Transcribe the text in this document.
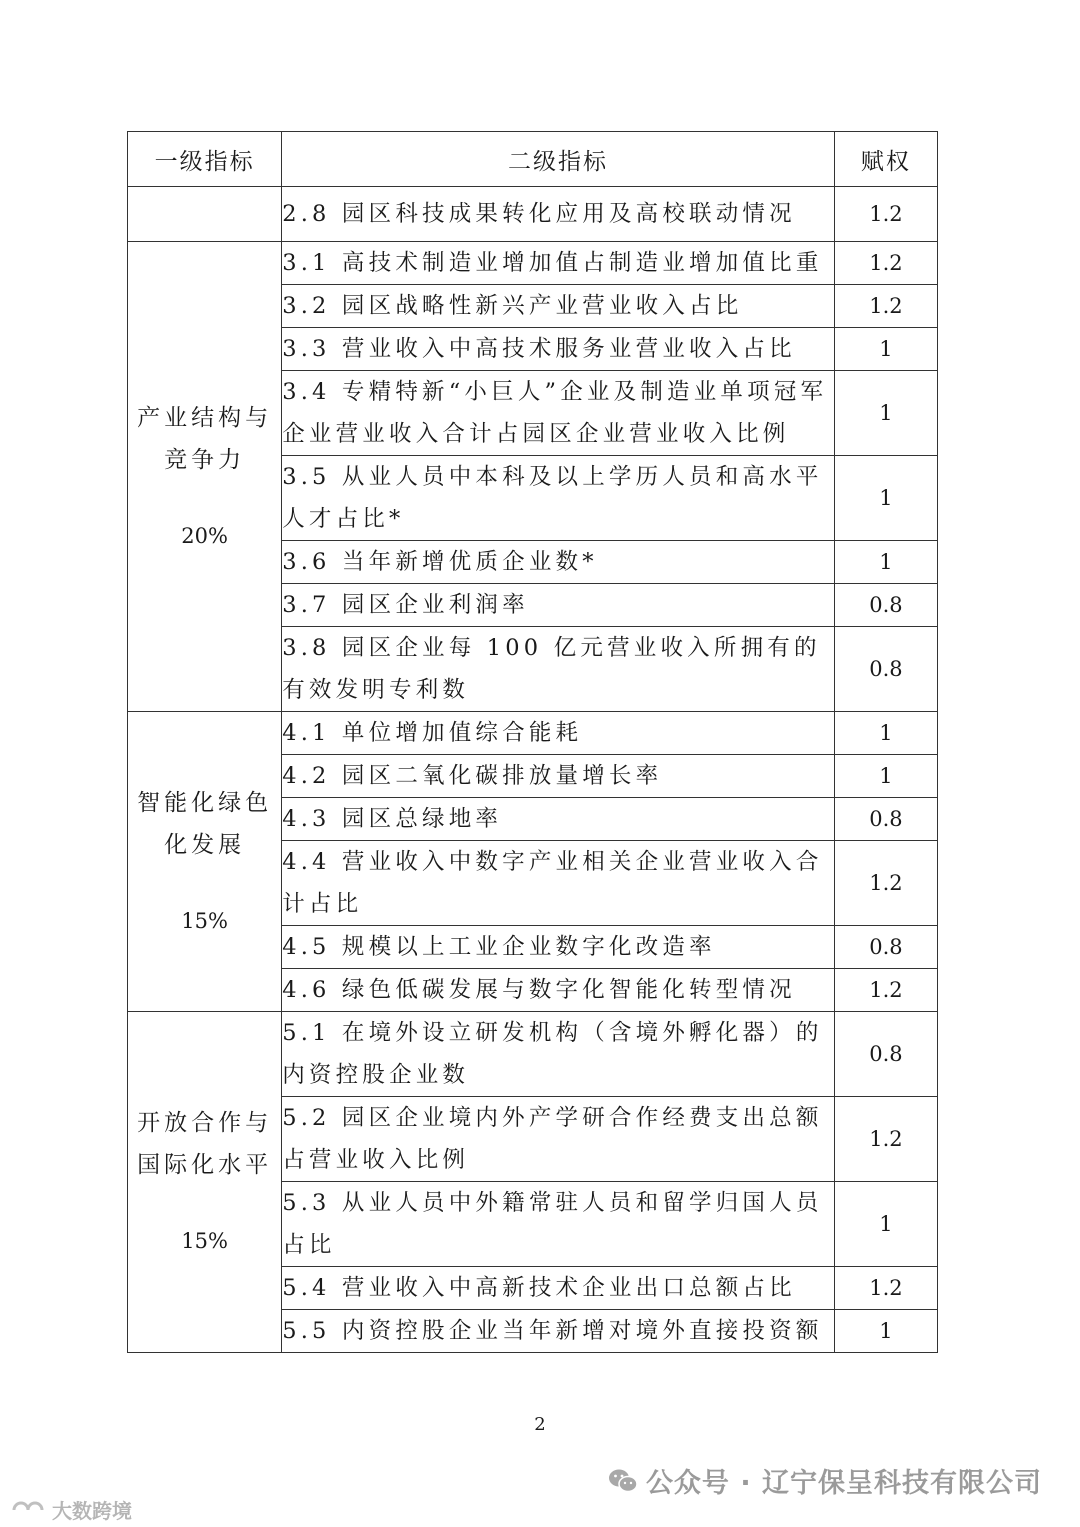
一级指标	二级指标	赋权
	2.8 园区科技成果转化应用及高校联动情况	1.2

产业结构与
竞争力
20%	3.1 高技术制造业增加值占制造业增加值比重	1.2
	3.2 园区战略性新兴产业营业收入占比	1.2
	3.3 营业收入中高技术服务业营业收入占比	1
	3.4 专精特新“小巨人”企业及制造业单项冠军企业营业收入合计占园区企业营业收入比例	1
	3.5 从业人员中本科及以上学历人员和高水平人才占比*	1
	3.6 当年新增优质企业数*	1
	3.7 园区企业利润率	0.8
	3.8 园区企业每 100 亿元营业收入所拥有的有效发明专利数	0.8

智能化绿色
化发展
15%	4.1 单位增加值综合能耗	1
	4.2 园区二氧化碳排放量增长率	1
	4.3 园区总绿地率	0.8
	4.4 营业收入中数字产业相关企业营业收入合计占比	1.2
	4.5 规模以上工业企业数字化改造率	0.8
	4.6 绿色低碳发展与数字化智能化转型情况	1.2

开放合作与
国际化水平
15%	5.1 在境外设立研发机构（含境外孵化器）的内资控股企业数	0.8
	5.2 园区企业境内外产学研合作经费支出总额占营业收入比例	1.2
	5.3 从业人员中外籍常驻人员和留学归国人员占比	1
	5.4 营业收入中高新技术企业出口总额占比	1.2
	5.5 内资控股企业当年新增对境外直接投资额	1
2
公众号 · 辽宁保呈科技有限公司
大数跨境
